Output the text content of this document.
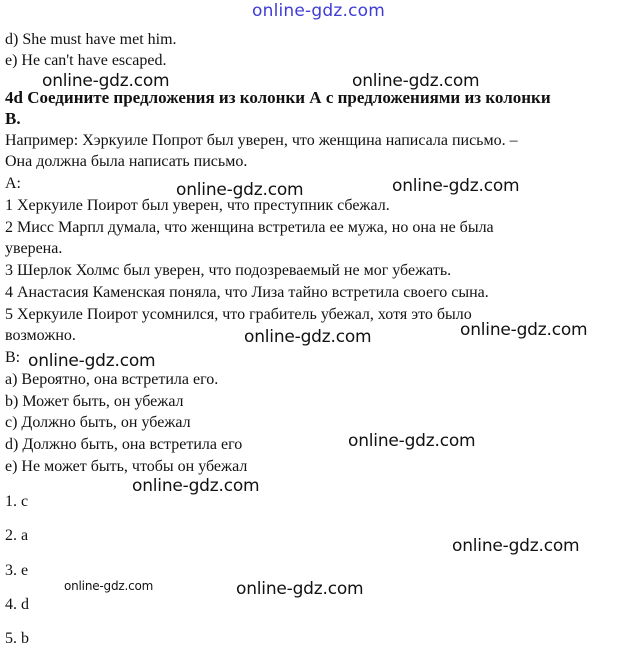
online-gdz.com
d) She must have met him.
e) He can't have escaped.
4d Соедините предложения из колонки А с предложениями из колонки
В.
Например: Хэркуиле Попрот был уверен, что женщина написала письмо. –
Она должна была написать письмо.
А:
1 Херкуиле Поирот был уверен, что преступник сбежал.
2 Мисс Марпл думала, что женщина встретила ее мужа, но она не была
уверена.
3 Шерлок Холмс был уверен, что подозреваемый не мог убежать.
4 Анастасия Каменская поняла, что Лиза тайно встретила своего сына.
5 Херкуиле Поирот усомнился, что грабитель убежал, хотя это было
возможно.
В:
a) Вероятно, она встретила его.
b) Может быть, он убежал
c) Должно быть, он убежал
d) Должно быть, она встретила его
e) Не может быть, чтобы он убежал
1. c
2. a
3. e
4. d
5. b
online-gdz.com	online-gdz.com
online-gdz.com	online-gdz.com
online-gdz.com
online-gdz.com
online-gdz.com
online-gdz.com
online-gdz.com
online-gdz.com
online-gdz.com	online-gdz.com
